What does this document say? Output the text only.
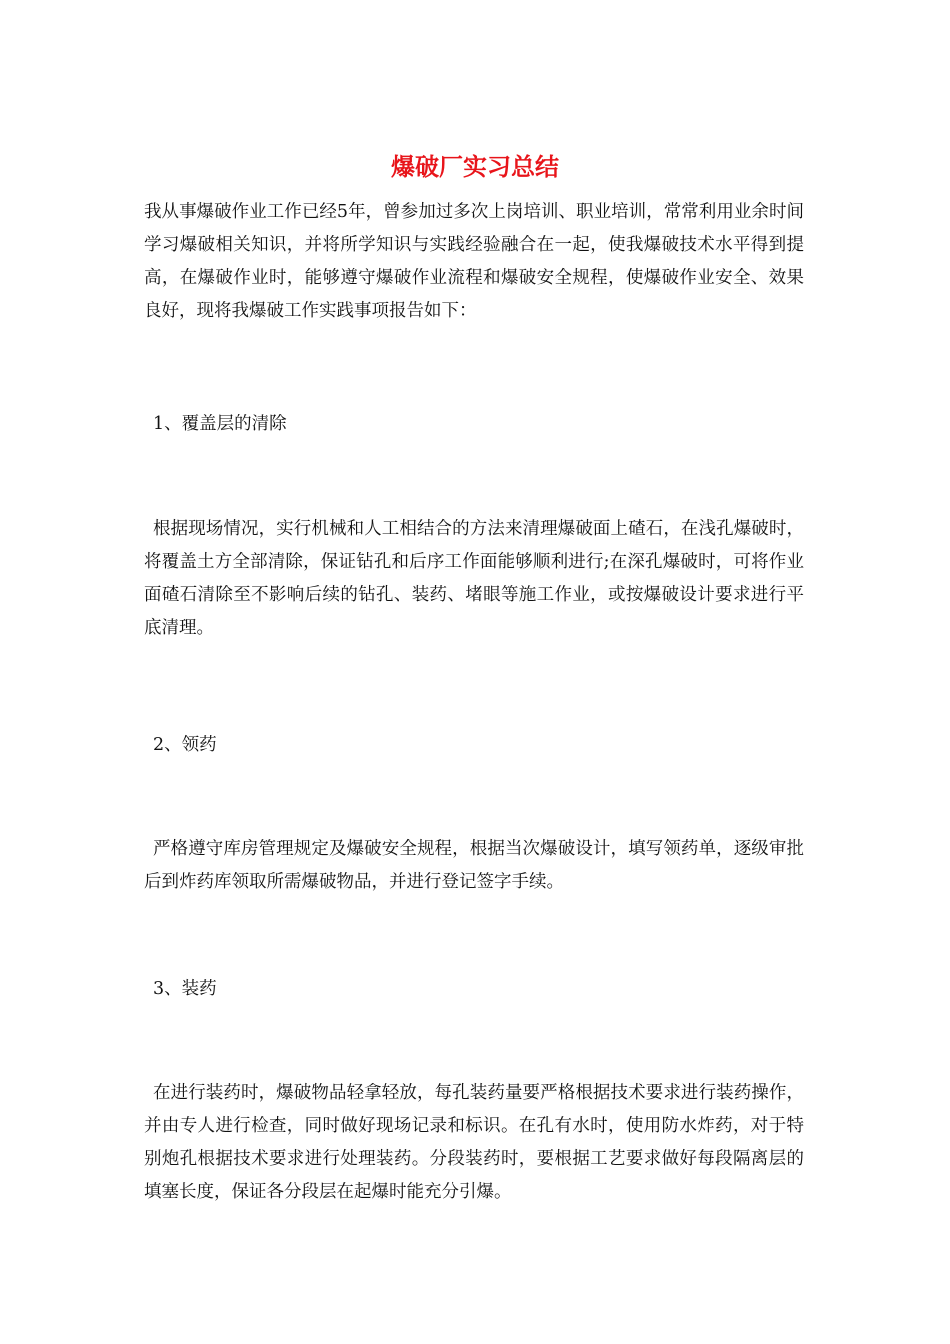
爆破厂实习总结

我从事爆破作业工作已经5年，曾参加过多次上岗培训、职业培训，常常利用业余时间学习爆破相关知识，并将所学知识与实践经验融合在一起，使我爆破技术水平得到提高，在爆破作业时，能够遵守爆破作业流程和爆破安全规程，使爆破作业安全、效果良好，现将我爆破工作实践事项报告如下：

1、覆盖层的清除

根据现场情况，实行机械和人工相结合的方法来清理爆破面上碴石，在浅孔爆破时，将覆盖土方全部清除，保证钻孔和后序工作面能够顺利进行;在深孔爆破时，可将作业面碴石清除至不影响后续的钻孔、装药、堵眼等施工作业，或按爆破设计要求进行平底清理。

2、领药

严格遵守库房管理规定及爆破安全规程，根据当次爆破设计，填写领药单，逐级审批后到炸药库领取所需爆破物品，并进行登记签字手续。

3、装药

在进行装药时，爆破物品轻拿轻放，每孔装药量要严格根据技术要求进行装药操作，并由专人进行检查，同时做好现场记录和标识。在孔有水时，使用防水炸药，对于特别炮孔根据技术要求进行处理装药。分段装药时，要根据工艺要求做好每段隔离层的填塞长度，保证各分段层在起爆时能充分引爆。
